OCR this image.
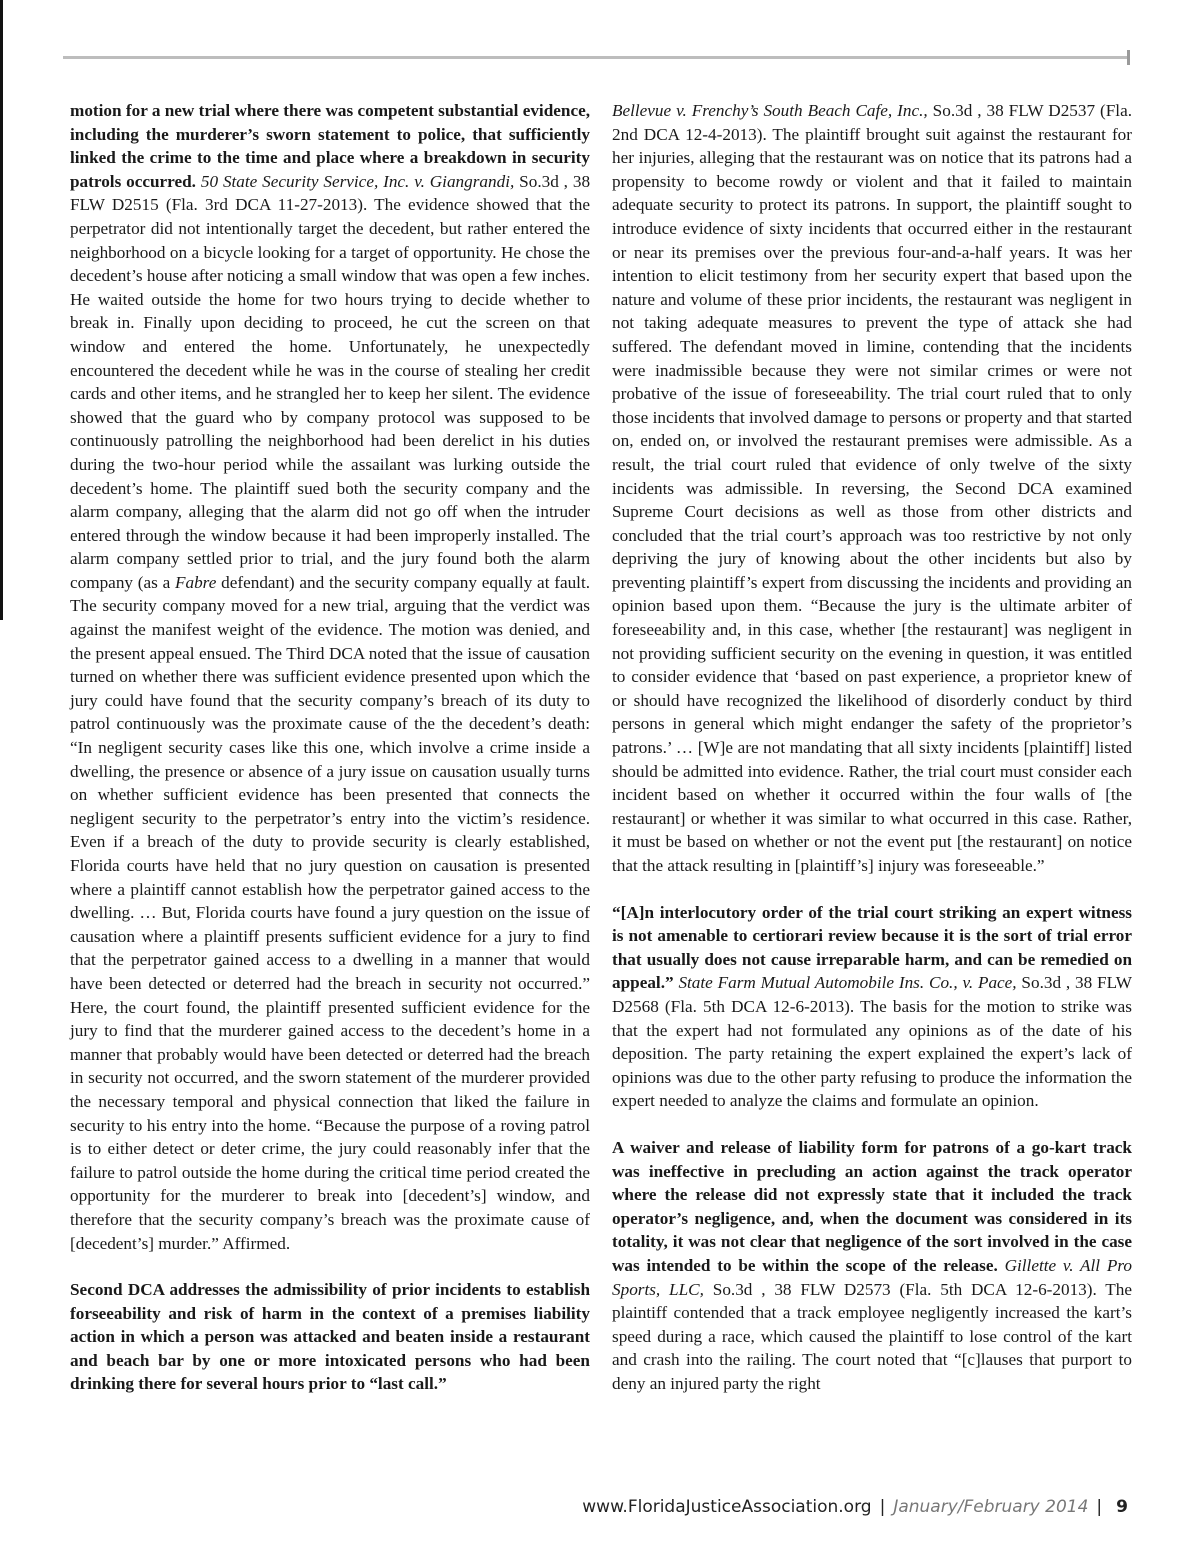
motion for a new trial where there was competent substantial evidence, including the murderer’s sworn statement to police, that sufficiently linked the crime to the time and place where a breakdown in security patrols occurred. 50 State Security Service, Inc. v. Giangrandi, So.3d , 38 FLW D2515 (Fla. 3rd DCA 11-27-2013). The evidence showed that the perpetrator did not intentionally target the decedent, but rather entered the neighborhood on a bicycle looking for a target of opportunity. He chose the decedent’s house after noticing a small window that was open a few inches. He waited outside the home for two hours trying to decide whether to break in. Finally upon deciding to proceed, he cut the screen on that window and entered the home. Unfortunately, he unexpectedly encountered the decedent while he was in the course of stealing her credit cards and other items, and he strangled her to keep her silent. The evidence showed that the guard who by company protocol was supposed to be continuously patrolling the neighborhood had been derelict in his duties during the two-hour period while the assailant was lurking outside the decedent’s home. The plaintiff sued both the security company and the alarm company, alleging that the alarm did not go off when the intruder entered through the window because it had been improperly installed. The alarm company settled prior to trial, and the jury found both the alarm company (as a Fabre defendant) and the security company equally at fault. The security company moved for a new trial, arguing that the verdict was against the manifest weight of the evidence. The motion was denied, and the present appeal ensued. The Third DCA noted that the issue of causation turned on whether there was sufficient evidence presented upon which the jury could have found that the security company’s breach of its duty to patrol continuously was the proximate cause of the the decedent’s death: “In negligent security cases like this one, which involve a crime inside a dwelling, the presence or absence of a jury issue on causation usually turns on whether sufficient evidence has been presented that connects the negligent security to the perpetrator’s entry into the victim’s residence. Even if a breach of the duty to provide security is clearly established, Florida courts have held that no jury question on causation is presented where a plaintiff cannot establish how the perpetrator gained access to the dwelling. … But, Florida courts have found a jury question on the issue of causation where a plaintiff presents sufficient evidence for a jury to find that the perpetrator gained access to a dwelling in a manner that would have been detected or deterred had the breach in security not occurred.” Here, the court found, the plaintiff presented sufficient evidence for the jury to find that the murderer gained access to the decedent’s home in a manner that probably would have been detected or deterred had the breach in security not occurred, and the sworn statement of the murderer provided the necessary temporal and physical connection that liked the failure in security to his entry into the home. “Because the purpose of a roving patrol is to either detect or deter crime, the jury could reasonably infer that the failure to patrol outside the home during the critical time period created the opportunity for the murderer to break into [decedent’s] window, and therefore that the security company’s breach was the proximate cause of [decedent’s] murder.” Affirmed.

Second DCA addresses the admissibility of prior incidents to establish forseeability and risk of harm in the context of a premises liability action in which a person was attacked and beaten inside a restaurant and beach bar by one or more intoxicated persons who had been drinking there for several hours prior to “last call.”

Bellevue v. Frenchy’s South Beach Cafe, Inc., So.3d , 38 FLW D2537 (Fla. 2nd DCA 12-4-2013). The plaintiff brought suit against the restaurant for her injuries, alleging that the restaurant was on notice that its patrons had a propensity to become rowdy or violent and that it failed to maintain adequate security to protect its patrons. In support, the plaintiff sought to introduce evidence of sixty incidents that occurred either in the restaurant or near its premises over the previous four-and-a-half years. It was her intention to elicit testimony from her security expert that based upon the nature and volume of these prior incidents, the restaurant was negligent in not taking adequate measures to prevent the type of attack she had suffered. The defendant moved in limine, contending that the incidents were inadmissible because they were not similar crimes or were not probative of the issue of foreseeability. The trial court ruled that to only those incidents that involved damage to persons or property and that started on, ended on, or involved the restaurant premises were admissible. As a result, the trial court ruled that evidence of only twelve of the sixty incidents was admissible. In reversing, the Second DCA examined Supreme Court decisions as well as those from other districts and concluded that the trial court’s approach was too restrictive by not only depriving the jury of knowing about the other incidents but also by preventing plaintiff’s expert from discussing the incidents and providing an opinion based upon them. “Because the jury is the ultimate arbiter of foreseeability and, in this case, whether [the restaurant] was negligent in not providing sufficient security on the evening in question, it was entitled to consider evidence that ‘based on past experience, a proprietor knew of or should have recognized the likelihood of disorderly conduct by third persons in general which might endanger the safety of the proprietor’s patrons.’ … [W]e are not mandating that all sixty incidents [plaintiff] listed should be admitted into evidence. Rather, the trial court must consider each incident based on whether it occurred within the four walls of [the restaurant] or whether it was similar to what occurred in this case. Rather, it must be based on whether or not the event put [the restaurant] on notice that the attack resulting in [plaintiff’s] injury was foreseeable.”

“[A]n interlocutory order of the trial court striking an expert witness is not amenable to certiorari review because it is the sort of trial error that usually does not cause irreparable harm, and can be remedied on appeal.” State Farm Mutual Automobile Ins. Co., v. Pace, So.3d , 38 FLW D2568 (Fla. 5th DCA 12-6-2013). The basis for the motion to strike was that the expert had not formulated any opinions as of the date of his deposition. The party retaining the expert explained the expert’s lack of opinions was due to the other party refusing to produce the information the expert needed to analyze the claims and formulate an opinion.

A waiver and release of liability form for patrons of a go-kart track was ineffective in precluding an action against the track operator where the release did not expressly state that it included the track operator’s negligence, and, when the document was considered in its totality, it was not clear that negligence of the sort involved in the case was intended to be within the scope of the release. Gillette v. All Pro Sports, LLC, So.3d , 38 FLW D2573 (Fla. 5th DCA 12-6-2013). The plaintiff contended that a track employee negligently increased the kart’s speed during a race, which caused the plaintiff to lose control of the kart and crash into the railing. The court noted that “[c]lauses that purport to deny an injured party the right

www.FloridaJusticeAssociation.org | January/February 2014 | 9
